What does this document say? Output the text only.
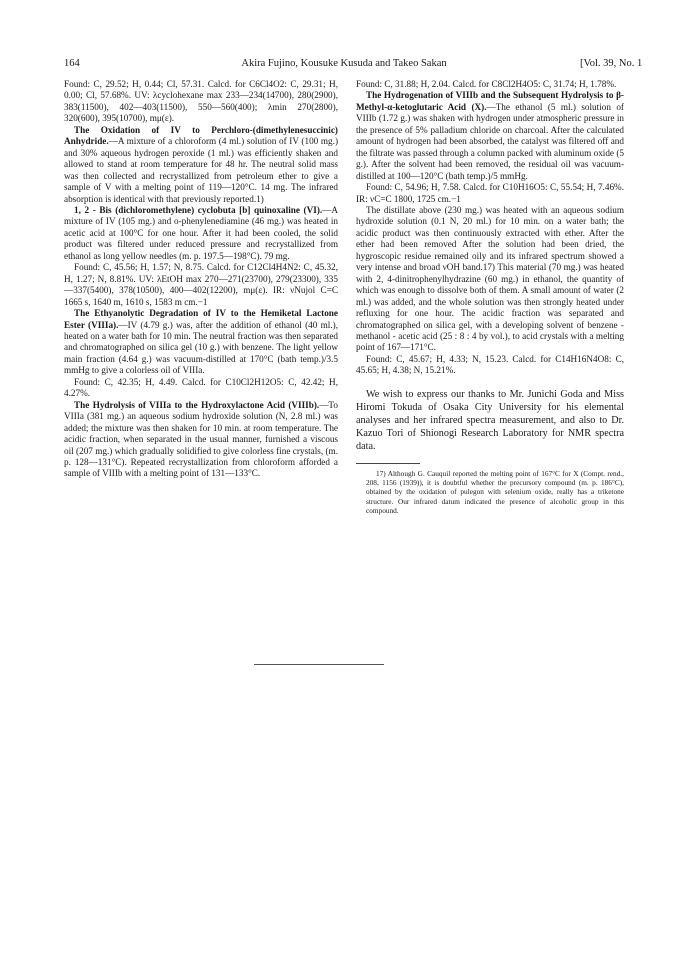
164	Akira Fujino, Kousuke Kusuda and Takeo Sakan	[Vol. 39, No. 1

Found: C, 29.52; H, 0.44; Cl, 57.31. Calcd. for C6Cl4O2: C, 29.31; H, 0.00; Cl, 57.68%. UV: λcyclohexane max 233—234(14700), 280(2900), 383(11500), 402—403(11500), 550—560(400); λmin 270(2800), 320(600), 395(10700), mμ(ε).

The Oxidation of IV to Perchloro-(dimethylenesuccinic) Anhydride.—A mixture of a chloroform (4 ml.) solution of IV (100 mg.) and 30% aqueous hydrogen peroxide (1 ml.) was efficiently shaken and allowed to stand at room temperature for 48 hr. The neutral solid mass was then collected and recrystallized from petroleum ether to give a sample of V with a melting point of 119—120°C. 14 mg. The infrared absorption is identical with that previously reported.1)

1, 2 - Bis (dichloromethylene) cyclobuta [b] quinoxaline (VI).—A mixture of IV (105 mg.) and o-phenylenediamine (46 mg.) was heated in acetic acid at 100°C for one hour. After it had been cooled, the solid product was filtered under reduced pressure and recrystallized from ethanol as long yellow needles (m. p. 197.5—198°C). 79 mg.

Found: C, 45.56; H, 1.57; N, 8.75. Calcd. for C12Cl4H4N2: C, 45.32, H, 1.27; N, 8.81%. UV: λEtOH max 270—271(23700), 279(23300), 335—337(5400), 378(10500), 400—402(12200), mμ(ε). IR: νNujol C=C 1665 s, 1640 m, 1610 s, 1583 m cm.−1

The Ethyanolytic Degradation of IV to the Hemiketal Lactone Ester (VIIIa).—IV (4.79 g.) was, after the addition of ethanol (40 ml.), heated on a water bath for 10 min. The neutral fraction was then separated and chromatographed on silica gel (10 g.) with benzene. The light yellow main fraction (4.64 g.) was vacuum-distilled at 170°C (bath temp.)/3.5 mmHg to give a colorless oil of VIIIa.

Found: C, 42.35; H, 4.49. Calcd. for C10Cl2H12O5: C, 42.42; H, 4.27%.

The Hydrolysis of VIIIa to the Hydroxylactone Acid (VIIIb).—To VIIIa (381 mg.) an aqueous sodium hydroxide solution (N, 2.8 ml.) was added; the mixture was then shaken for 10 min. at room temperature. The acidic fraction, when separated in the usual manner, furnished a viscous oil (207 mg.) which gradually solidified to give colorless fine crystals, (m. p. 128—131°C). Repeated recrystallization from chloroform afforded a sample of VIIIb with a melting point of 131—133°C.

Found: C, 31.88; H, 2.04. Calcd. for C8Cl2H4O5: C, 31.74; H, 1.78%.

The Hydrogenation of VIIIb and the Subsequent Hydrolysis to β-Methyl-α-ketoglutaric Acid (X).—The ethanol (5 ml.) solution of VIIIb (1.72 g.) was shaken with hydrogen under atmospheric pressure in the presence of 5% palladium chloride on charcoal. After the calculated amount of hydrogen had been absorbed, the catalyst was filtered off and the filtrate was passed through a column packed with aluminum oxide (5 g.). After the solvent had been removed, the residual oil was vacuum-distilled at 100—120°C (bath temp.)/5 mmHg.

Found: C, 54.96; H, 7.58. Calcd. for C10H16O5: C, 55.54; H, 7.46%. IR: νC=C 1800, 1725 cm.−1

The distillate above (230 mg.) was heated with an aqueous sodium hydroxide solution (0.1 N, 20 ml.) for 10 min. on a water bath; the acidic product was then continuously extracted with ether. After the ether had been removed After the solution had been dried, the hygroscopic residue remained oily and its infrared spectrum showed a very intense and broad νOH band.17) This material (70 mg.) was heated with 2, 4-dinitrophenylhydrazine (60 mg.) in ethanol, the quantity of which was enough to dissolve both of them. A small amount of water (2 ml.) was added, and the whole solution was then strongly heated under refluxing for one hour. The acidic fraction was separated and chromatographed on silica gel, with a developing solvent of benzene - methanol - acetic acid (25 : 8 : 4 by vol.), to acid crystals with a melting point of 167—171°C.

Found: C, 45.67; H, 4.33; N, 15.23. Calcd. for C14H16N4O8: C, 45.65; H, 4.38; N, 15.21%.

We wish to express our thanks to Mr. Junichi Goda and Miss Hiromi Tokuda of Osaka City University for his elemental analyses and her infrared spectra measurement, and also to Dr. Kazuo Tori of Shionogi Research Laboratory for NMR spectra data.

17) Although G. Cauquil reported the melting point of 167°C for X (Compt. rend., 208, 1156 (1939)), it is doubtful whether the precursory compound (m. p. 186°C), obtained by the oxidation of pulegon with selenium oxide, really has a triketone structure. Our infrared datum indicated the presence of alcoholic group in this compound.
